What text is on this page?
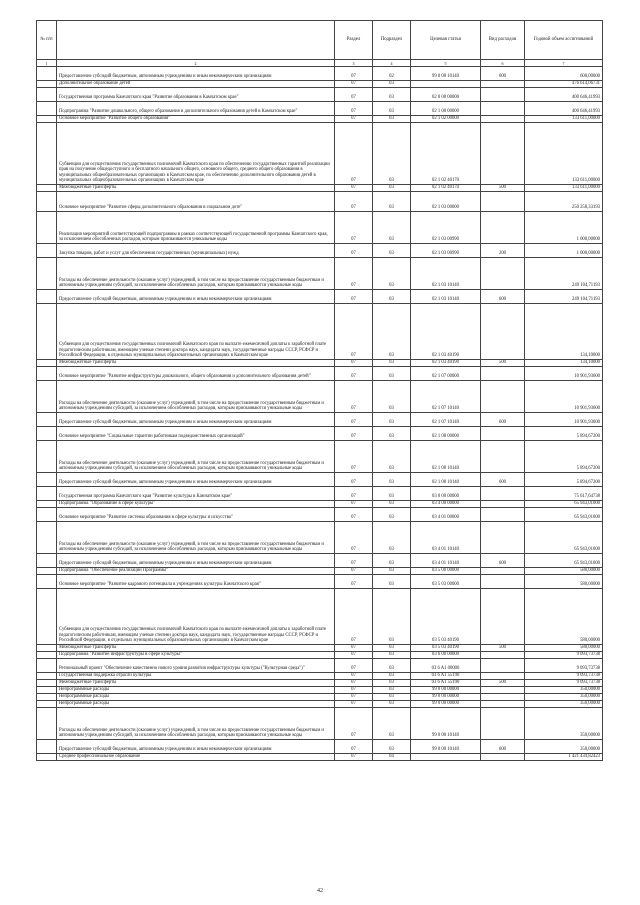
№ п/п		Раздел	Подраздел	Целевая статья	Вид расходов	Годовой объем ассигнований
1	2	3	4	5	6	7
	Предоставление субсидий бюджетным, автономным учреждениям и иным некоммерческим организациям	07	02	99 0 00 10140	600	600,00000
	Дополнительное образование детей	07	03			476 614,06731
	Государственная программа Камчатского края "Развитие образования в Камчатском крае"	07	03	02 0 00 00000		400 646,41993
	Подпрограмма "Развитие дошкольного, общего образования и дополнительного образования детей в Камчатском крае"	07	03	02 1 00 00000		400 646,41993
	Основное мероприятие "Развитие общего образования"	07	03	02 1 02 00000		133 611,00000
	Субвенции для осуществления государственных полномочий Камчатского края по обеспечению государственных гарантий реализации прав на получение общедоступного и бесплатного начального общего, основного общего, среднего общего образования в муниципальных общеобразовательных организациях в Камчатском крае, по обеспечению дополнительного образования детей в муниципальных общеобразовательных организациях в Камчатском крае	07	03	02 1 02 40170		133 611,00000
	Межбюджетные трансферты	07	03	02 1 02 40170	500	133 611,00000
	Основное мероприятие "Развитие сферы дополнительного образования в социальном доте"	07	03	02 1 03 00000		250 258,33193
	Реализация мероприятий соответствующей подпрограммы в рамках соответствующей государственной программы Камчатского края, за исключением обособленных расходов, которым присваиваются уникальные коды	07	03	02 1 03 00990		1 000,00000
	Закупка товаров, работ и услуг для обеспечения государственных (муниципальных) нужд	07	03	02 1 03 00990	200	1 000,00000
	Расходы на обеспечение деятельности (оказание услуг) учреждений, в том числе на предоставление государственным бюджетным и автономным учреждениям субсидий, за исключением обособленных расходов, которым присваиваются уникальные коды	07	03	02 1 03 10140		249 104,71193
	Предоставление субсидий бюджетным, автономным учреждениям и иным некоммерческим организациям	07	03	02 1 03 10140	600	249 104,71193
	Субвенции для осуществления государственных полномочий Камчатского края по выплате ежемесячной доплаты к заработной плате педагогическим работникам, имеющим ученые степени доктора наук, кандидата наук, государственные награды СССР, РСФСР и Российской Федерации, в отдельных муниципальных образовательных организациях в Камчатском крае	07	03	02 1 03 40190		134,10000
	Межбюджетные трансферты	07	03	02 1 03 40190	500	134,10000
	Основное мероприятие "Развитие инфраструктуры дошкольного, общего образования и дополнительного образования детей"	07	03	02 1 07 00000		10 901,93600
	Расходы на обеспечение деятельности (оказание услуг) учреждений, в том числе на предоставление государственным бюджетным и автономным учреждениям субсидий, за исключением обособленных расходов, которым присваиваются уникальные коды	07	03	02 1 07 10140		10 901,93600
	Предоставление субсидий бюджетным, автономным учреждениям и иным некоммерческим организациям	07	03	02 1 07 10140	600	10 901,93600
	Основное мероприятие "Социальные гарантии работникам подведомственных организаций"	07	03	02 1 08 00000		5 894,67200
	Расходы на обеспечение деятельности (оказание услуг) учреждений, в том числе на предоставление государственным бюджетным и автономным учреждениям субсидий, за исключением обособленных расходов, которым присваиваются уникальные коды	07	03	02 1 08 10140		5 894,67200
	Предоставление субсидий бюджетным, автономным учреждениям и иным некоммерческим организациям	07	03	02 1 08 10140	600	5 894,67200
	Государственная программа Камчатского края "Развитие культуры в Камчатском крае"	07	03	03 0 00 00000		75 617,64738
	Подпрограмма "Образование в сфере культуры"	07	03	03 4 00 00000		65 943,01000
	Основное мероприятие "Развитие системы образования в сфере культуры и искусства"	07	03	03 4 01 00000		65 943,01000
	Расходы на обеспечение деятельности (оказание услуг) учреждений, в том числе на предоставление государственным бюджетным и автономным учреждениям субсидий, за исключением обособленных расходов, которым присваиваются уникальные коды	07	03	03 4 01 10140		65 943,01000
	Предоставление субсидий бюджетным, автономным учреждениям и иным некоммерческим организациям	07	03	03 4 01 10140	600	65 943,01000
	Подпрограмма "Обеспечение реализации Программы"	07	03	03 5 00 00000		580,00000
	Основное мероприятие "Развитие кадрового потенциала в учреждениях культуры Камчатского края"	07	03	03 5 03 00000		580,00000
	Субвенции для осуществления государственных полномочий Камчатского края по выплате ежемесячной доплаты к заработной плате педагогическим работникам, имеющим ученые степени доктора наук, кандидата наук, государственные награды СССР, РСФСР и Российской Федерации, в отдельных муниципальных образовательных организациях в Камчатском крае	07	03	03 5 03 40190		580,00000
	Межбюджетные трансферты	07	03	03 5 03 40190	500	580,00000
	Подпрограмма "Развитие инфраструктуры в сфере культуры"	07	03	03 6 00 00000		9 093,73738
	Региональный проект "Обеспечение качественно нового уровня развития инфраструктуры культуры ("Культурная среда")"	07	03	03 6 A1 00000		9 093,73738
	Государственная поддержка отрасли культуры	07	03	03 6 A1 55190		9 093,73738
	Межбюджетные трансферты	07	03	03 6 A1 55190	500	9 093,73738
	Непрограммные расходы	07	03	99 0 00 00000		350,00000
	Непрограммные расходы	07	03	99 0 00 00000		350,00000
	Непрограммные расходы	07	03	99 0 00 00000		350,00000
	Расходы на обеспечение деятельности (оказание услуг) учреждений, в том числе на предоставление государственным бюджетным и автономным учреждениям субсидий, за исключением обособленных расходов, которым присваиваются уникальные коды	07	03	99 0 00 10140		350,00000
	Предоставление субсидий бюджетным, автономным учреждениям и иным некоммерческим организациям	07	03	99 0 00 10140	600	350,00000
	Среднее профессиональное образование	07	04			1 421 434,82423
42
